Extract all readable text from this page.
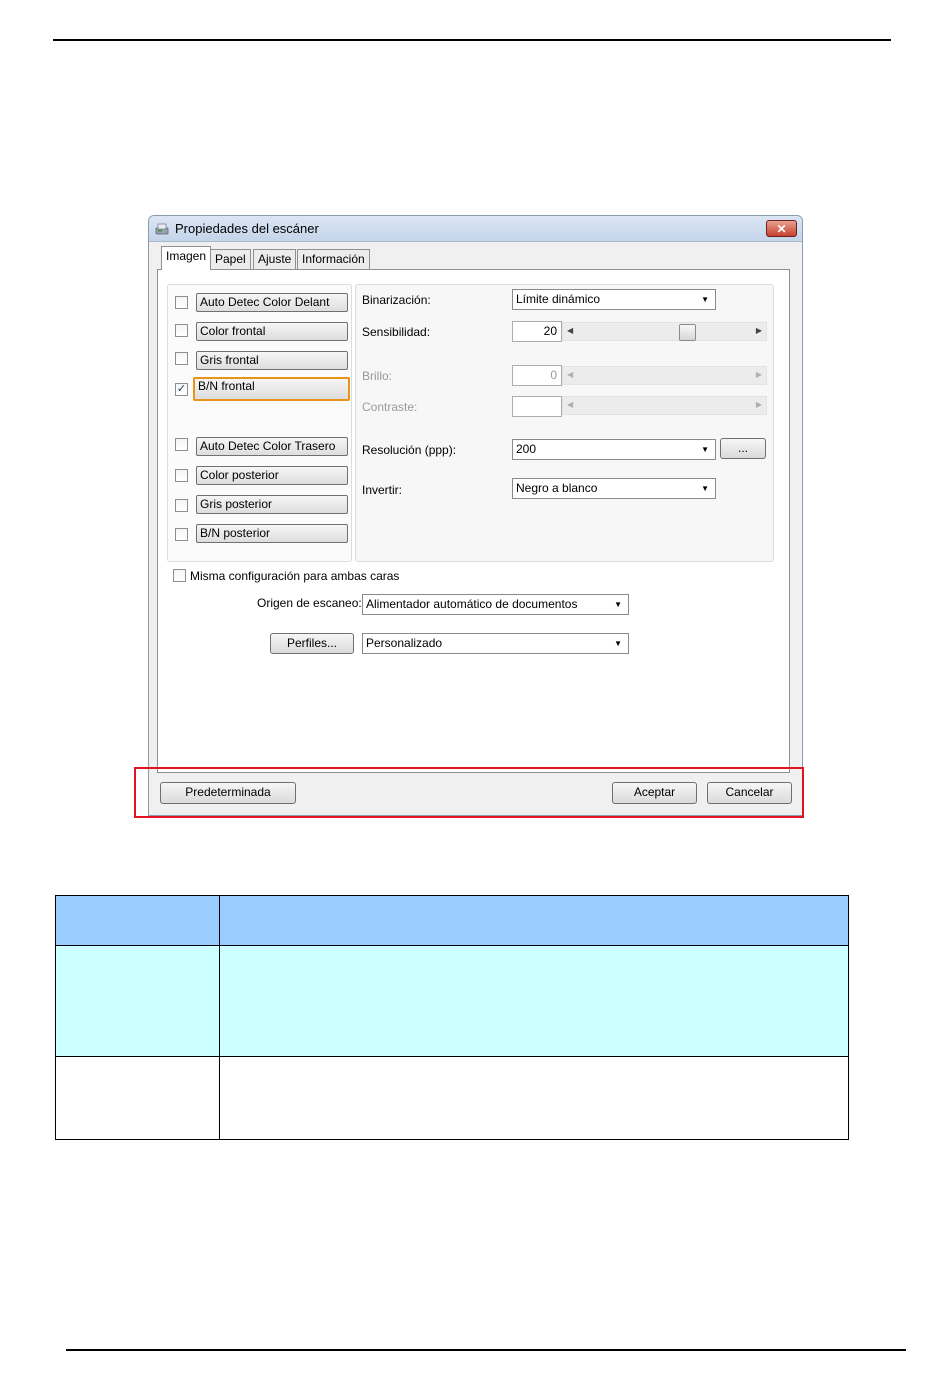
Propiedades del escáner	✕
Imagen Papel	Ajuste Información
Auto Detec Color Delant
Color frontal
Gris frontal
✓ B/N frontal
Auto Detec Color Trasero
Color posterior
Gris posterior
B/N posterior
Binarización:	Límite dinámico	▼
Sensibilidad:	20	◀	▶
Brillo:	0	◀	▶
Contraste:	◀	▶
Resolución (ppp):	200	▼	...
Invertir:	Negro a blanco	▼
Misma configuración para ambas caras
Origen de escaneo: Alimentador automático de documentos	▼
Perfiles...	Personalizado	▼
Predeterminada	Aceptar	Cancelar
